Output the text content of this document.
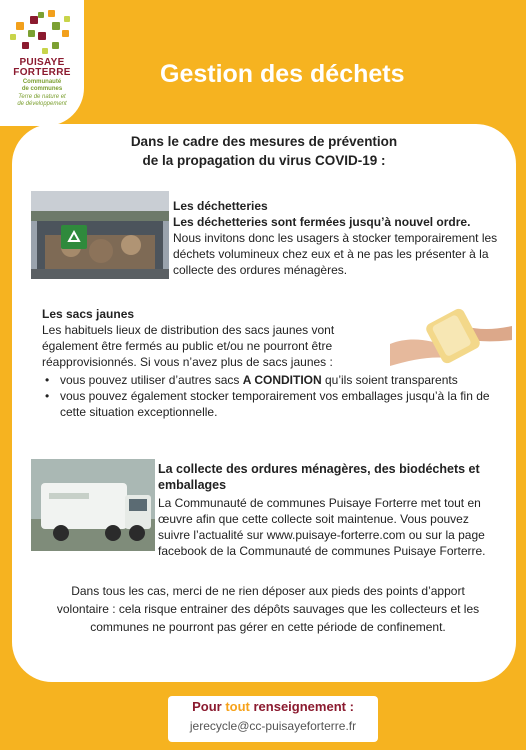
PUISAYE
FORTERRE
Communauté
de communes
Terre de nature et
de développement
Gestion des déchets
Dans le cadre des mesures de prévention
de la propagation du virus COVID-19 :
Les déchetteries
Les déchetteries sont fermées jusqu’à nouvel ordre.
Nous invitons donc les usagers à stocker temporairement les déchets volumineux chez eux et à ne pas les présenter à la collecte des ordures ménagères.
Les sacs jaunes
Les habituels lieux de distribution des sacs jaunes vont également être fermés au public et/ou ne pourront être réapprovisionnés. Si vous n’avez plus de sacs jaunes :
• vous pouvez utiliser d’autres sacs A CONDITION qu’ils soient transparents
• vous pouvez également stocker temporairement vos emballages jusqu’à la fin de cette situation exceptionnelle.
La collecte des ordures ménagères, des biodéchets et emballages
La Communauté de communes Puisaye Forterre met tout en œuvre afin que cette collecte soit maintenue. Vous pouvez suivre l’actualité sur www.puisaye-forterre.com ou sur la page facebook de la Communauté de communes Puisaye Forterre.
Dans tous les cas, merci de ne rien déposer aux pieds des points d’apport volontaire : cela risque entrainer des dépôts sauvages que les collecteurs et les communes ne pourront pas gérer en cette période de confinement.
Pour tout renseignement :
jerecycle@cc-puisayeforterre.fr
